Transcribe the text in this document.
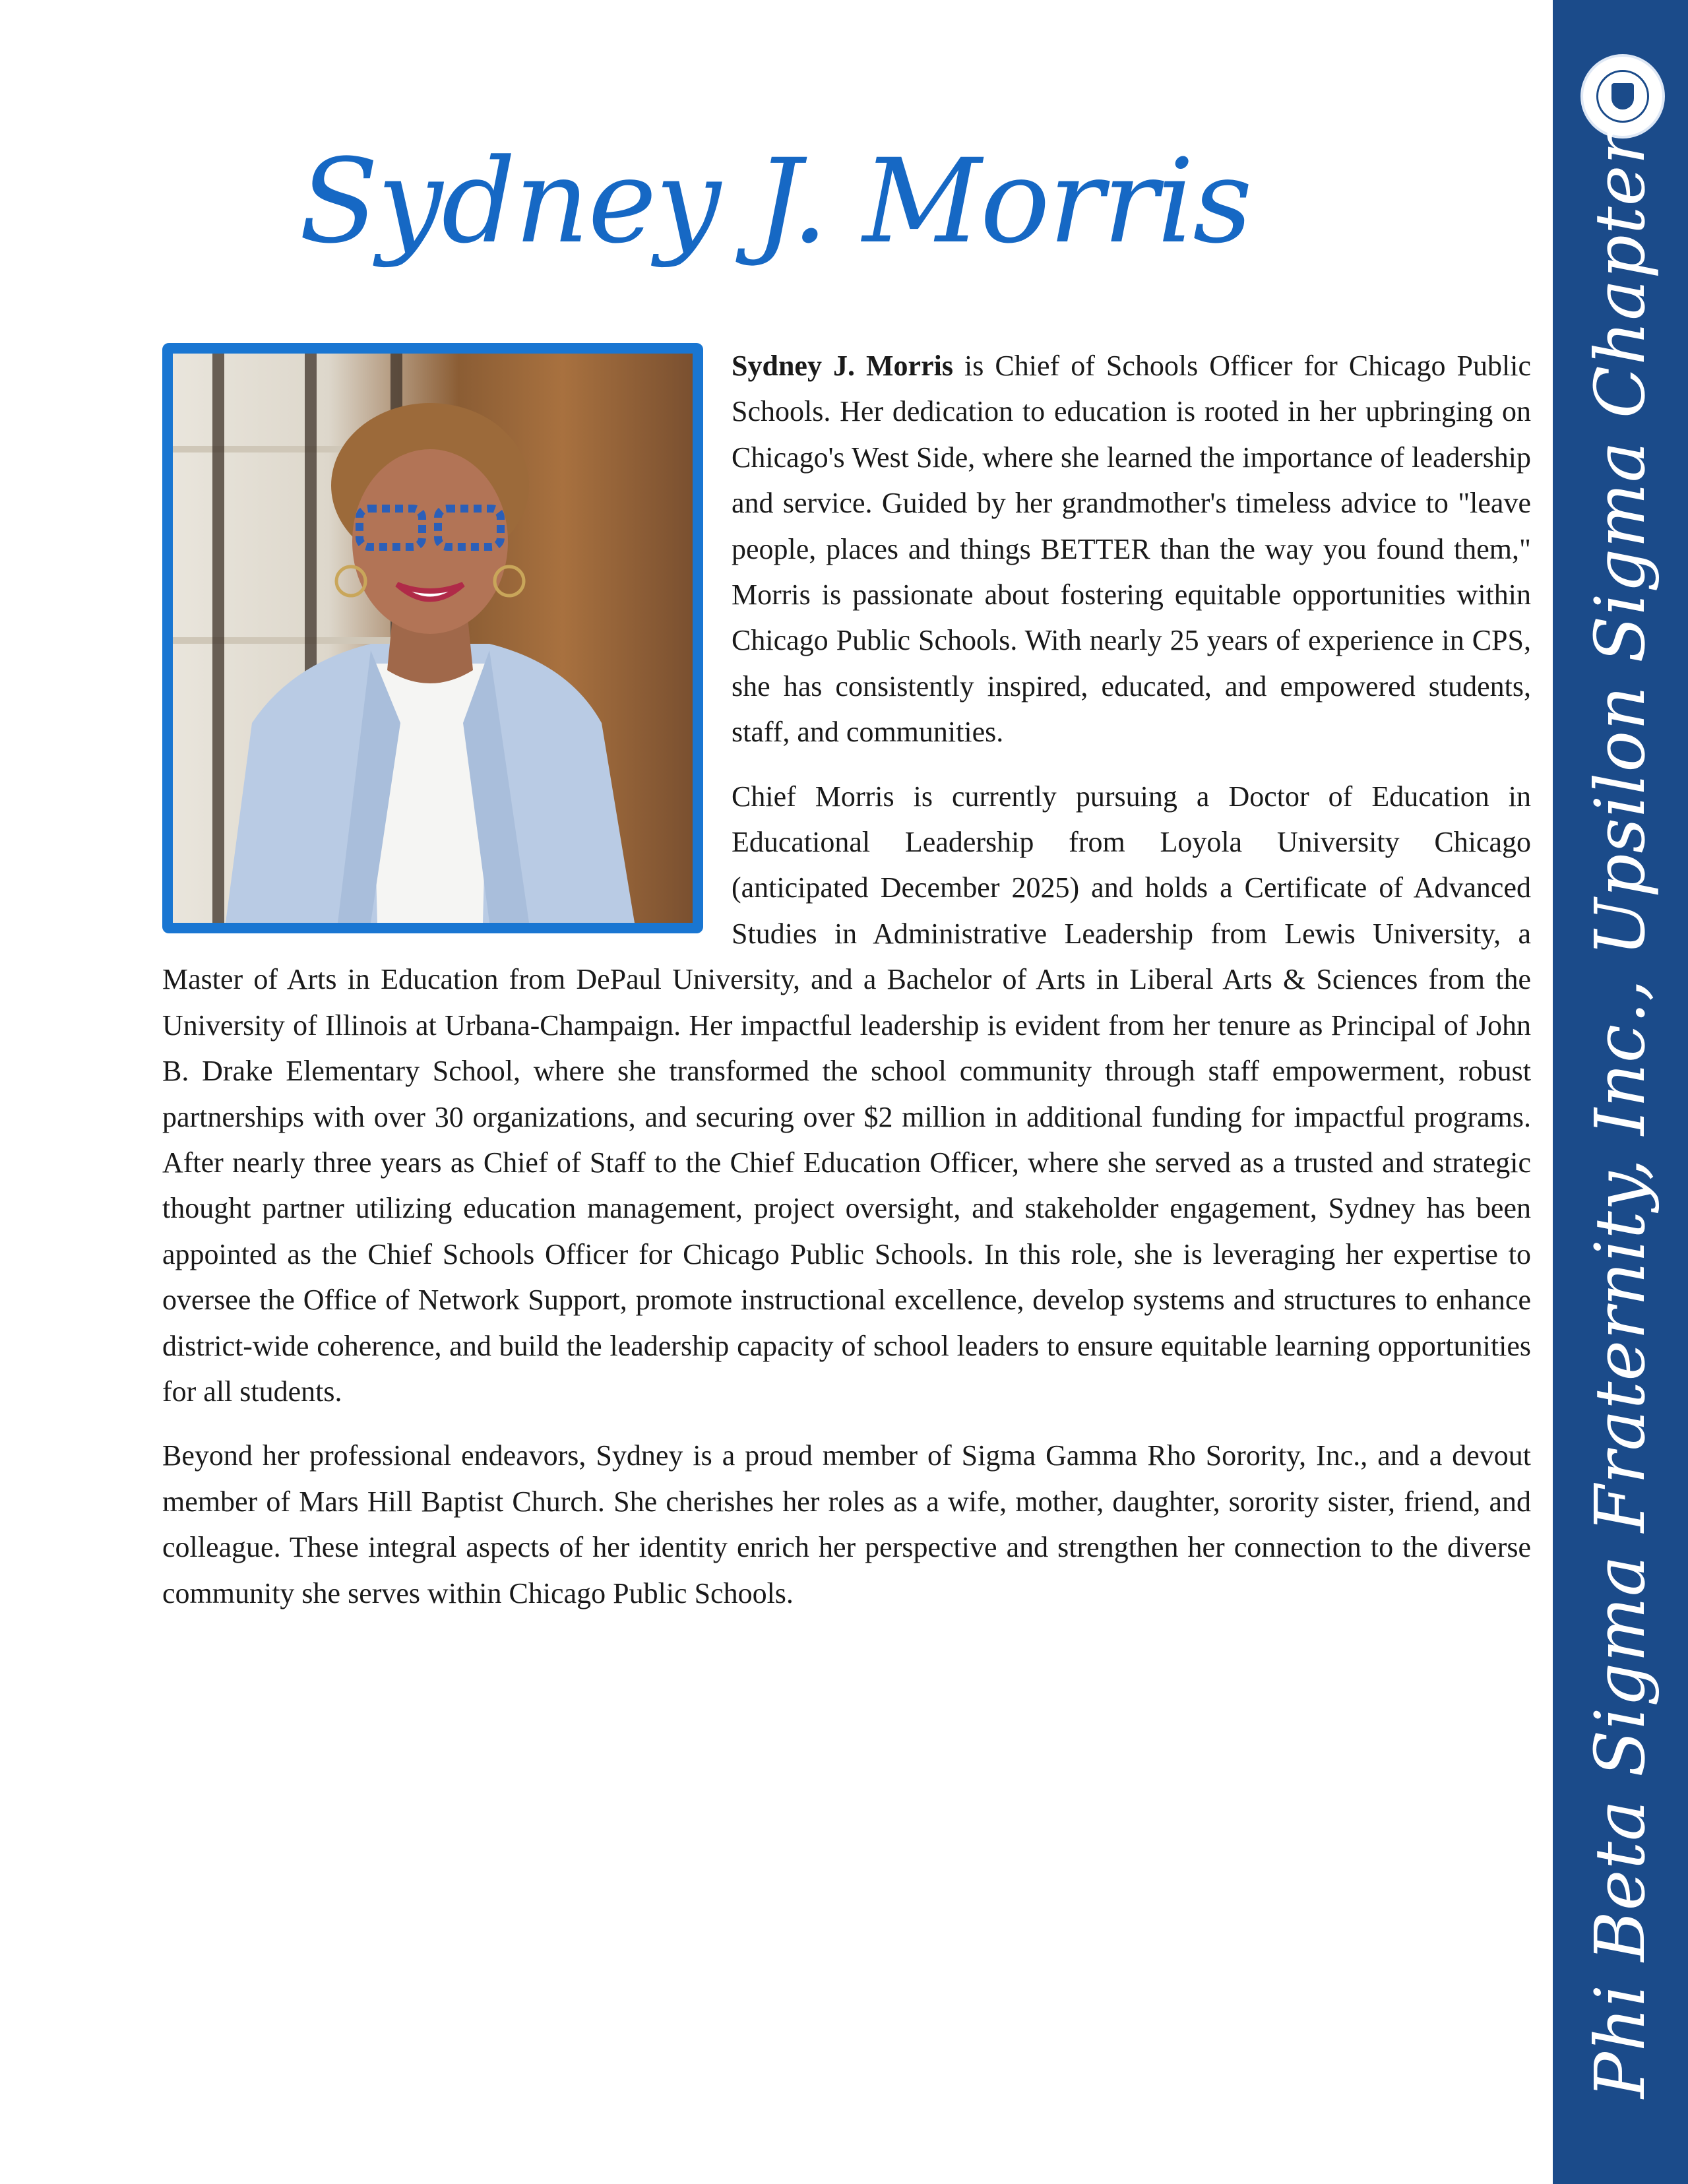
Sydney J. Morris

Sydney J. Morris is Chief of Schools Officer for Chicago Public Schools. Her dedication to education is rooted in her upbringing on Chicago's West Side, where she learned the importance of leadership and service. Guided by her grandmother's timeless advice to "leave people, places and things BETTER than the way you found them," Morris is passionate about fostering equitable opportunities within Chicago Public Schools. With nearly 25 years of experience in CPS, she has consistently inspired, educated, and empowered students, staff, and communities.

Chief Morris is currently pursuing a Doctor of Education in Educational Leadership from Loyola University Chicago (anticipated December 2025) and holds a Certificate of Advanced Studies in Administrative Leadership from Lewis University, a Master of Arts in Education from DePaul University, and a Bachelor of Arts in Liberal Arts & Sciences from the University of Illinois at Urbana-Champaign. Her impactful leadership is evident from her tenure as Principal of John B. Drake Elementary School, where she transformed the school community through staff empowerment, robust partnerships with over 30 organizations, and securing over $2 million in additional funding for impactful programs. After nearly three years as Chief of Staff to the Chief Education Officer, where she served as a trusted and strategic thought partner utilizing education management, project oversight, and stakeholder engagement, Sydney has been appointed as the Chief Schools Officer for Chicago Public Schools. In this role, she is leveraging her expertise to oversee the Office of Network Support, promote instructional excellence, develop systems and structures to enhance district-wide coherence, and build the leadership capacity of school leaders to ensure equitable learning opportunities for all students.

Beyond her professional endeavors, Sydney is a proud member of Sigma Gamma Rho Sorority, Inc., and a devout member of Mars Hill Baptist Church. She cherishes her roles as a wife, mother, daughter, sorority sister, friend, and colleague. These integral aspects of her identity enrich her perspective and strengthen her connection to the diverse community she serves within Chicago Public Schools.	Phi Beta Sigma Fraternity, Inc., Upsilon Sigma Chapter
